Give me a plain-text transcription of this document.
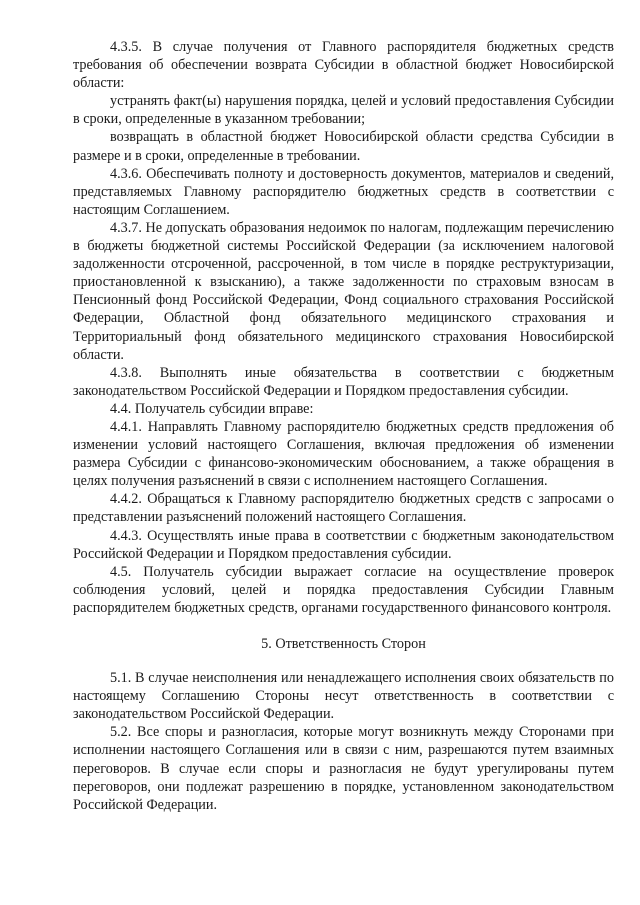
4.3.5. В случае получения от Главного распорядителя бюджетных средств требования об обеспечении возврата Субсидии в областной бюджет Новосибирской области:

устранять факт(ы) нарушения порядка, целей и условий предоставления Субсидии в сроки, определенные в указанном требовании;

возвращать в областной бюджет Новосибирской области средства Субсидии в размере и в сроки, определенные в требовании.

4.3.6. Обеспечивать полноту и достоверность документов, материалов и сведений, представляемых Главному распорядителю бюджетных средств в соответствии с настоящим Соглашением.

4.3.7. Не допускать образования недоимок по налогам, подлежащим перечислению в бюджеты бюджетной системы Российской Федерации (за исключением налоговой задолженности отсроченной, рассроченной, в том числе в порядке реструктуризации, приостановленной к взысканию), а также задолженности по страховым взносам в Пенсионный фонд Российской Федерации, Фонд социального страхования Российской Федерации, Областной фонд обязательного медицинского страхования и Территориальный фонд обязательного медицинского страхования Новосибирской области.

4.3.8. Выполнять иные обязательства в соответствии с бюджетным законодательством Российской Федерации и Порядком предоставления субсидии.

4.4. Получатель субсидии вправе:

4.4.1. Направлять Главному распорядителю бюджетных средств предложения об изменении условий настоящего Соглашения, включая предложения об изменении размера Субсидии с финансово-экономическим обоснованием, а также обращения в целях получения разъяснений в связи с исполнением настоящего Соглашения.

4.4.2. Обращаться к Главному распорядителю бюджетных средств с запросами о представлении разъяснений положений настоящего Соглашения.

4.4.3. Осуществлять иные права в соответствии с бюджетным законодательством Российской Федерации и Порядком предоставления субсидии.

4.5. Получатель субсидии выражает согласие на осуществление проверок соблюдения условий, целей и порядка предоставления Субсидии Главным распорядителем бюджетных средств, органами государственного финансового контроля.

5. Ответственность Сторон

5.1. В случае неисполнения или ненадлежащего исполнения своих обязательств по настоящему Соглашению Стороны несут ответственность в соответствии с законодательством Российской Федерации.

5.2. Все споры и разногласия, которые могут возникнуть между Сторонами при исполнении настоящего Соглашения или в связи с ним, разрешаются путем взаимных переговоров. В случае если споры и разногласия не будут урегулированы путем переговоров, они подлежат разрешению в порядке, установленном законодательством Российской Федерации.
